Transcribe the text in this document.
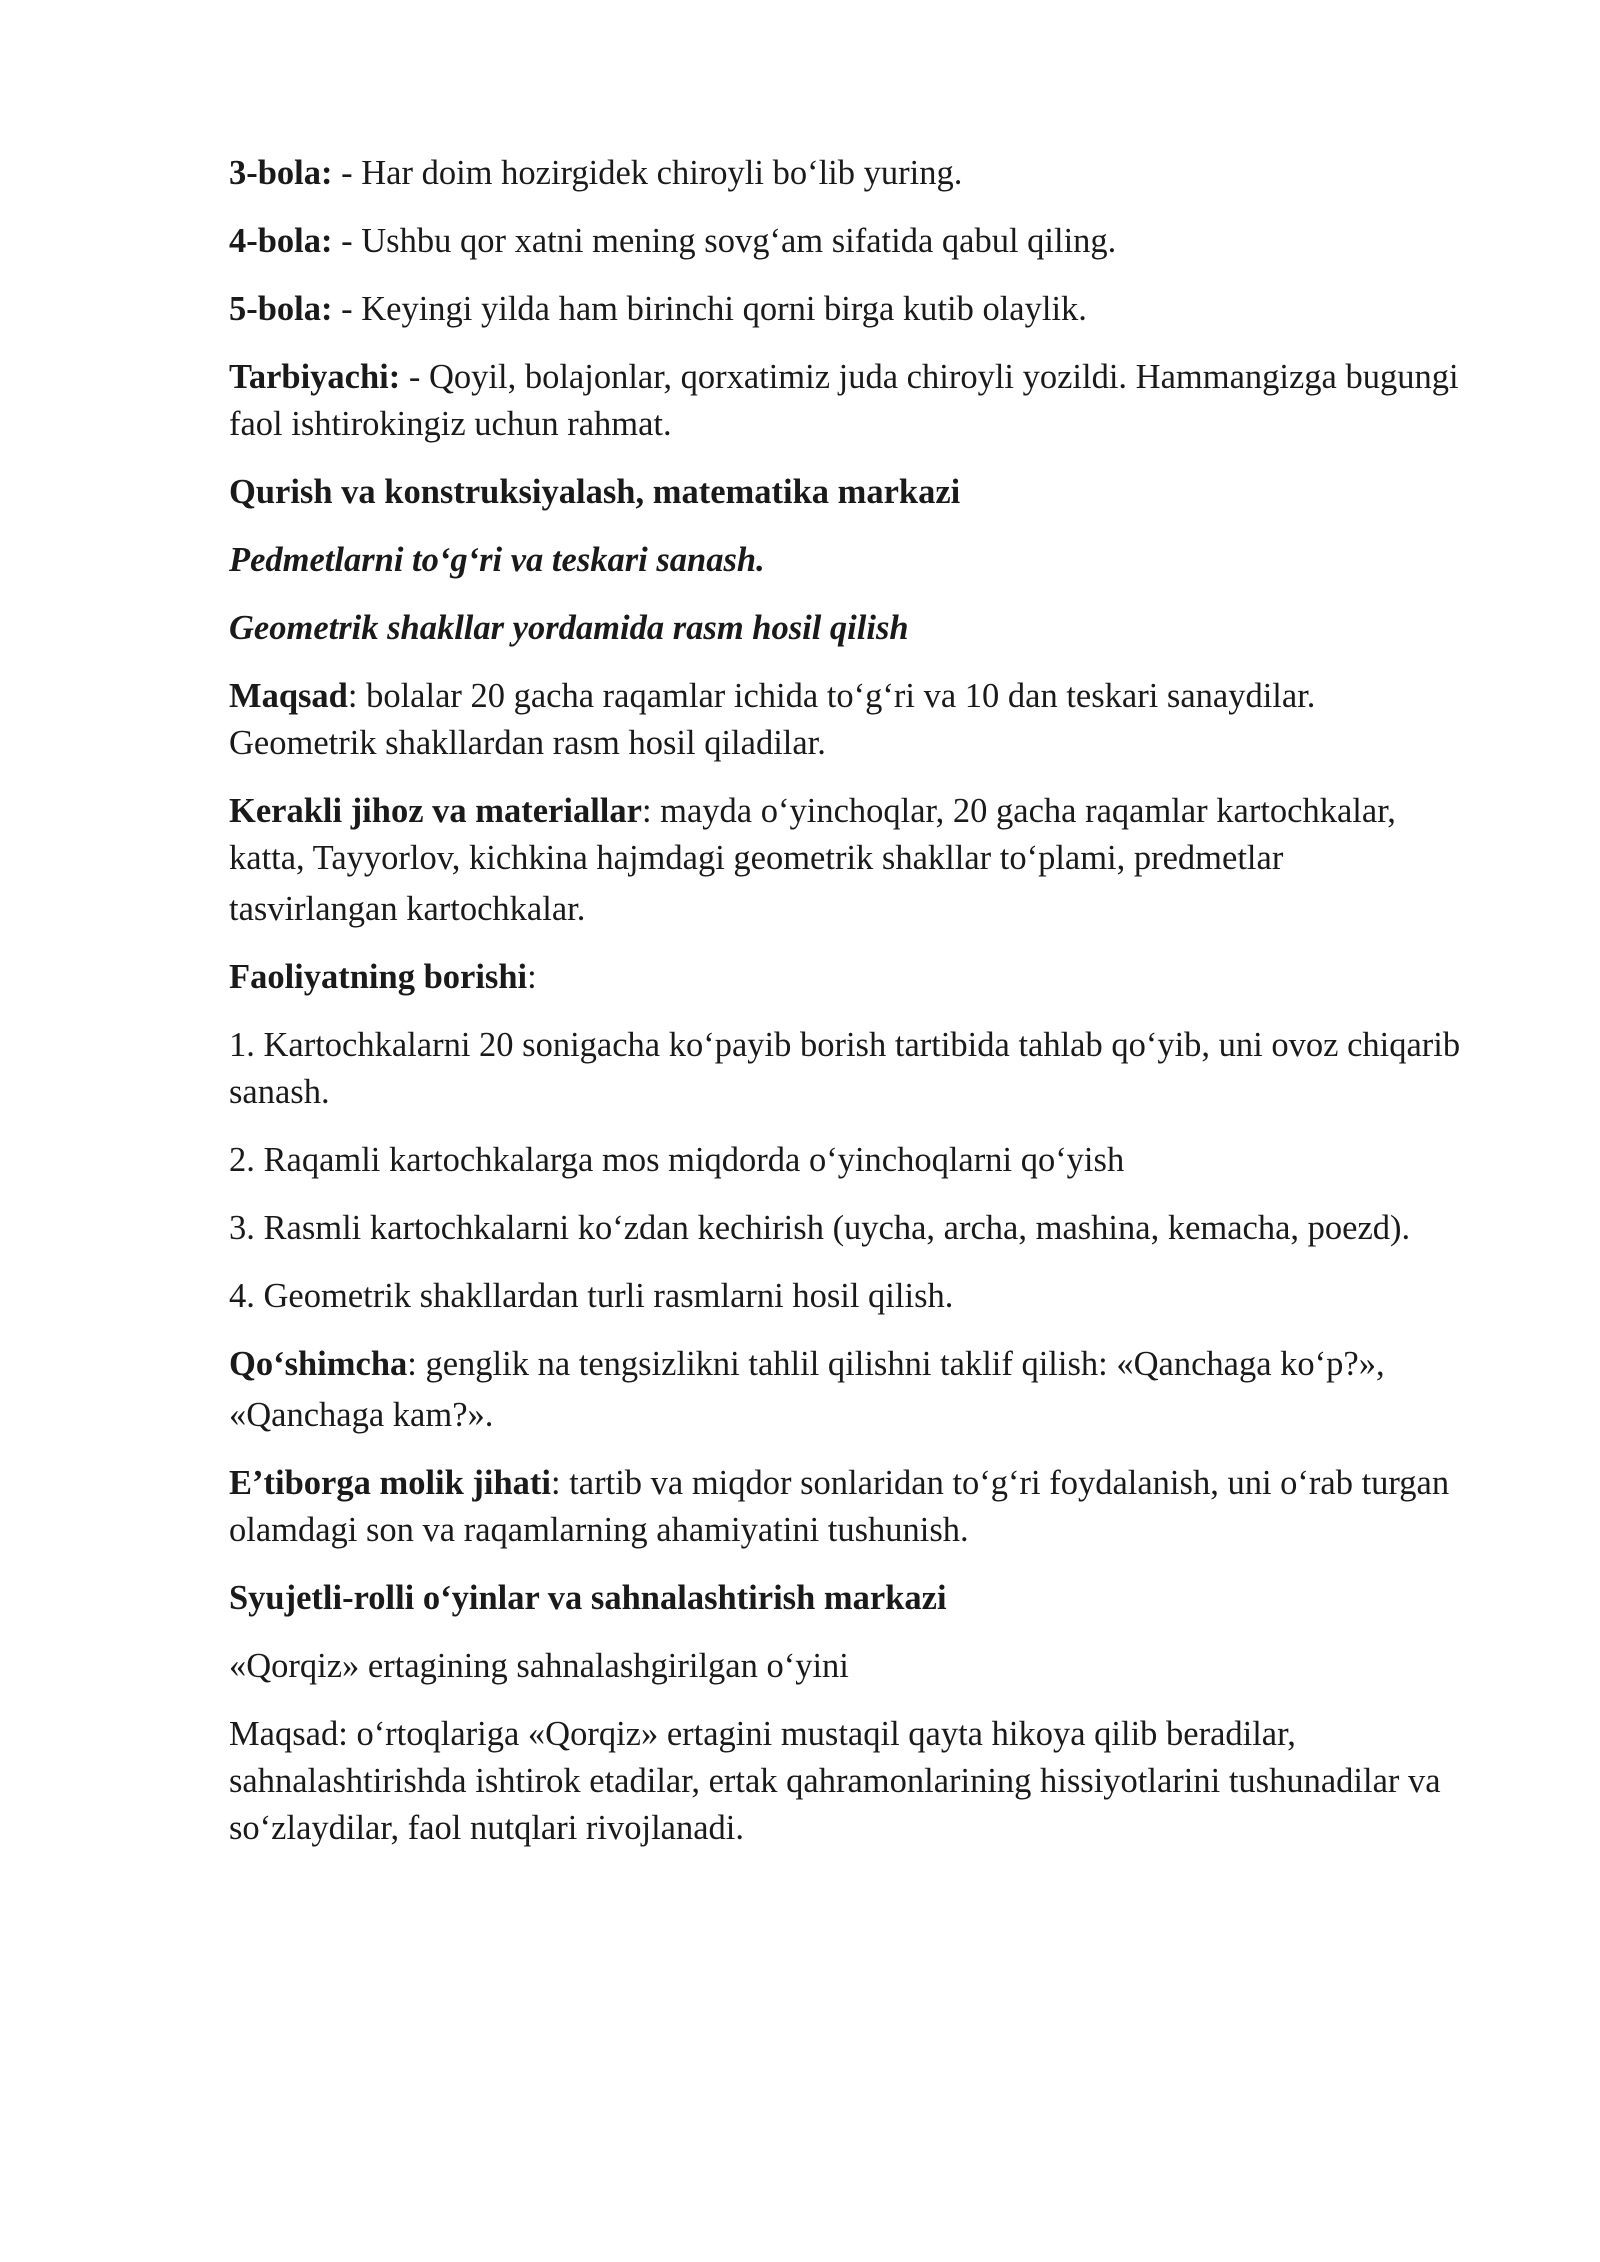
3-bola: - Har doim hozirgidek chiroyli bo‘lib yuring.

4-bola: - Ushbu qor xatni mening sovg‘am sifatida qabul qiling.

5-bola: - Keyingi yilda ham birinchi qorni birga kutib olaylik.

Tarbiyachi: - Qoyil, bolajonlar, qorxatimiz juda chiroyli yozildi. Hammangizga bugungi faol ishtirokingiz uchun rahmat.

Qurish va konstruksiyalash, matematika markazi

Pedmetlarni to‘g‘ri va teskari sanash.

Geometrik shakllar yordamida rasm hosil qilish

Maqsad: bolalar 20 gacha raqamlar ichida to‘g‘ri va 10 dan teskari sanaydilar. Geometrik shakllardan rasm hosil qiladilar.

Kerakli jihoz va materiallar: mayda o‘yinchoqlar, 20 gacha raqamlar kartochkalar, katta, Tayyorlov, kichkina hajmdagi geometrik shakllar to‘plami, predmetlar

tasvirlangan kartochkalar.

Faoliyatning borishi:

1. Kartochkalarni 20 sonigacha ko‘payib borish tartibida tahlab qo‘yib, uni ovoz chiqarib sanash.

2. Raqamli kartochkalarga mos miqdorda o‘yinchoqlarni qo‘yish

3. Rasmli kartochkalarni ko‘zdan kechirish (uycha, archa, mashina, kemacha, poezd).

4. Geometrik shakllardan turli rasmlarni hosil qilish.

Qo‘shimcha: genglik na tengsizlikni tahlil qilishni taklif qilish: «Qanchaga ko‘p?»,

«Qanchaga kam?».

E’tiborga molik jihati: tartib va miqdor sonlaridan to‘g‘ri foydalanish, uni o‘rab turgan olamdagi son va raqamlarning ahamiyatini tushunish.

Syujetli-rolli o‘yinlar va sahnalashtirish markazi

«Qorqiz» ertagining sahnalashgirilgan o‘yini

Maqsad: o‘rtoqlariga «Qorqiz» ertagini mustaqil qayta hikoya qilib beradilar, sahnalashtirishda ishtirok etadilar, ertak qahramonlarining hissiyotlarini tushunadilar va so‘zlaydilar, faol nutqlari rivojlanadi.
